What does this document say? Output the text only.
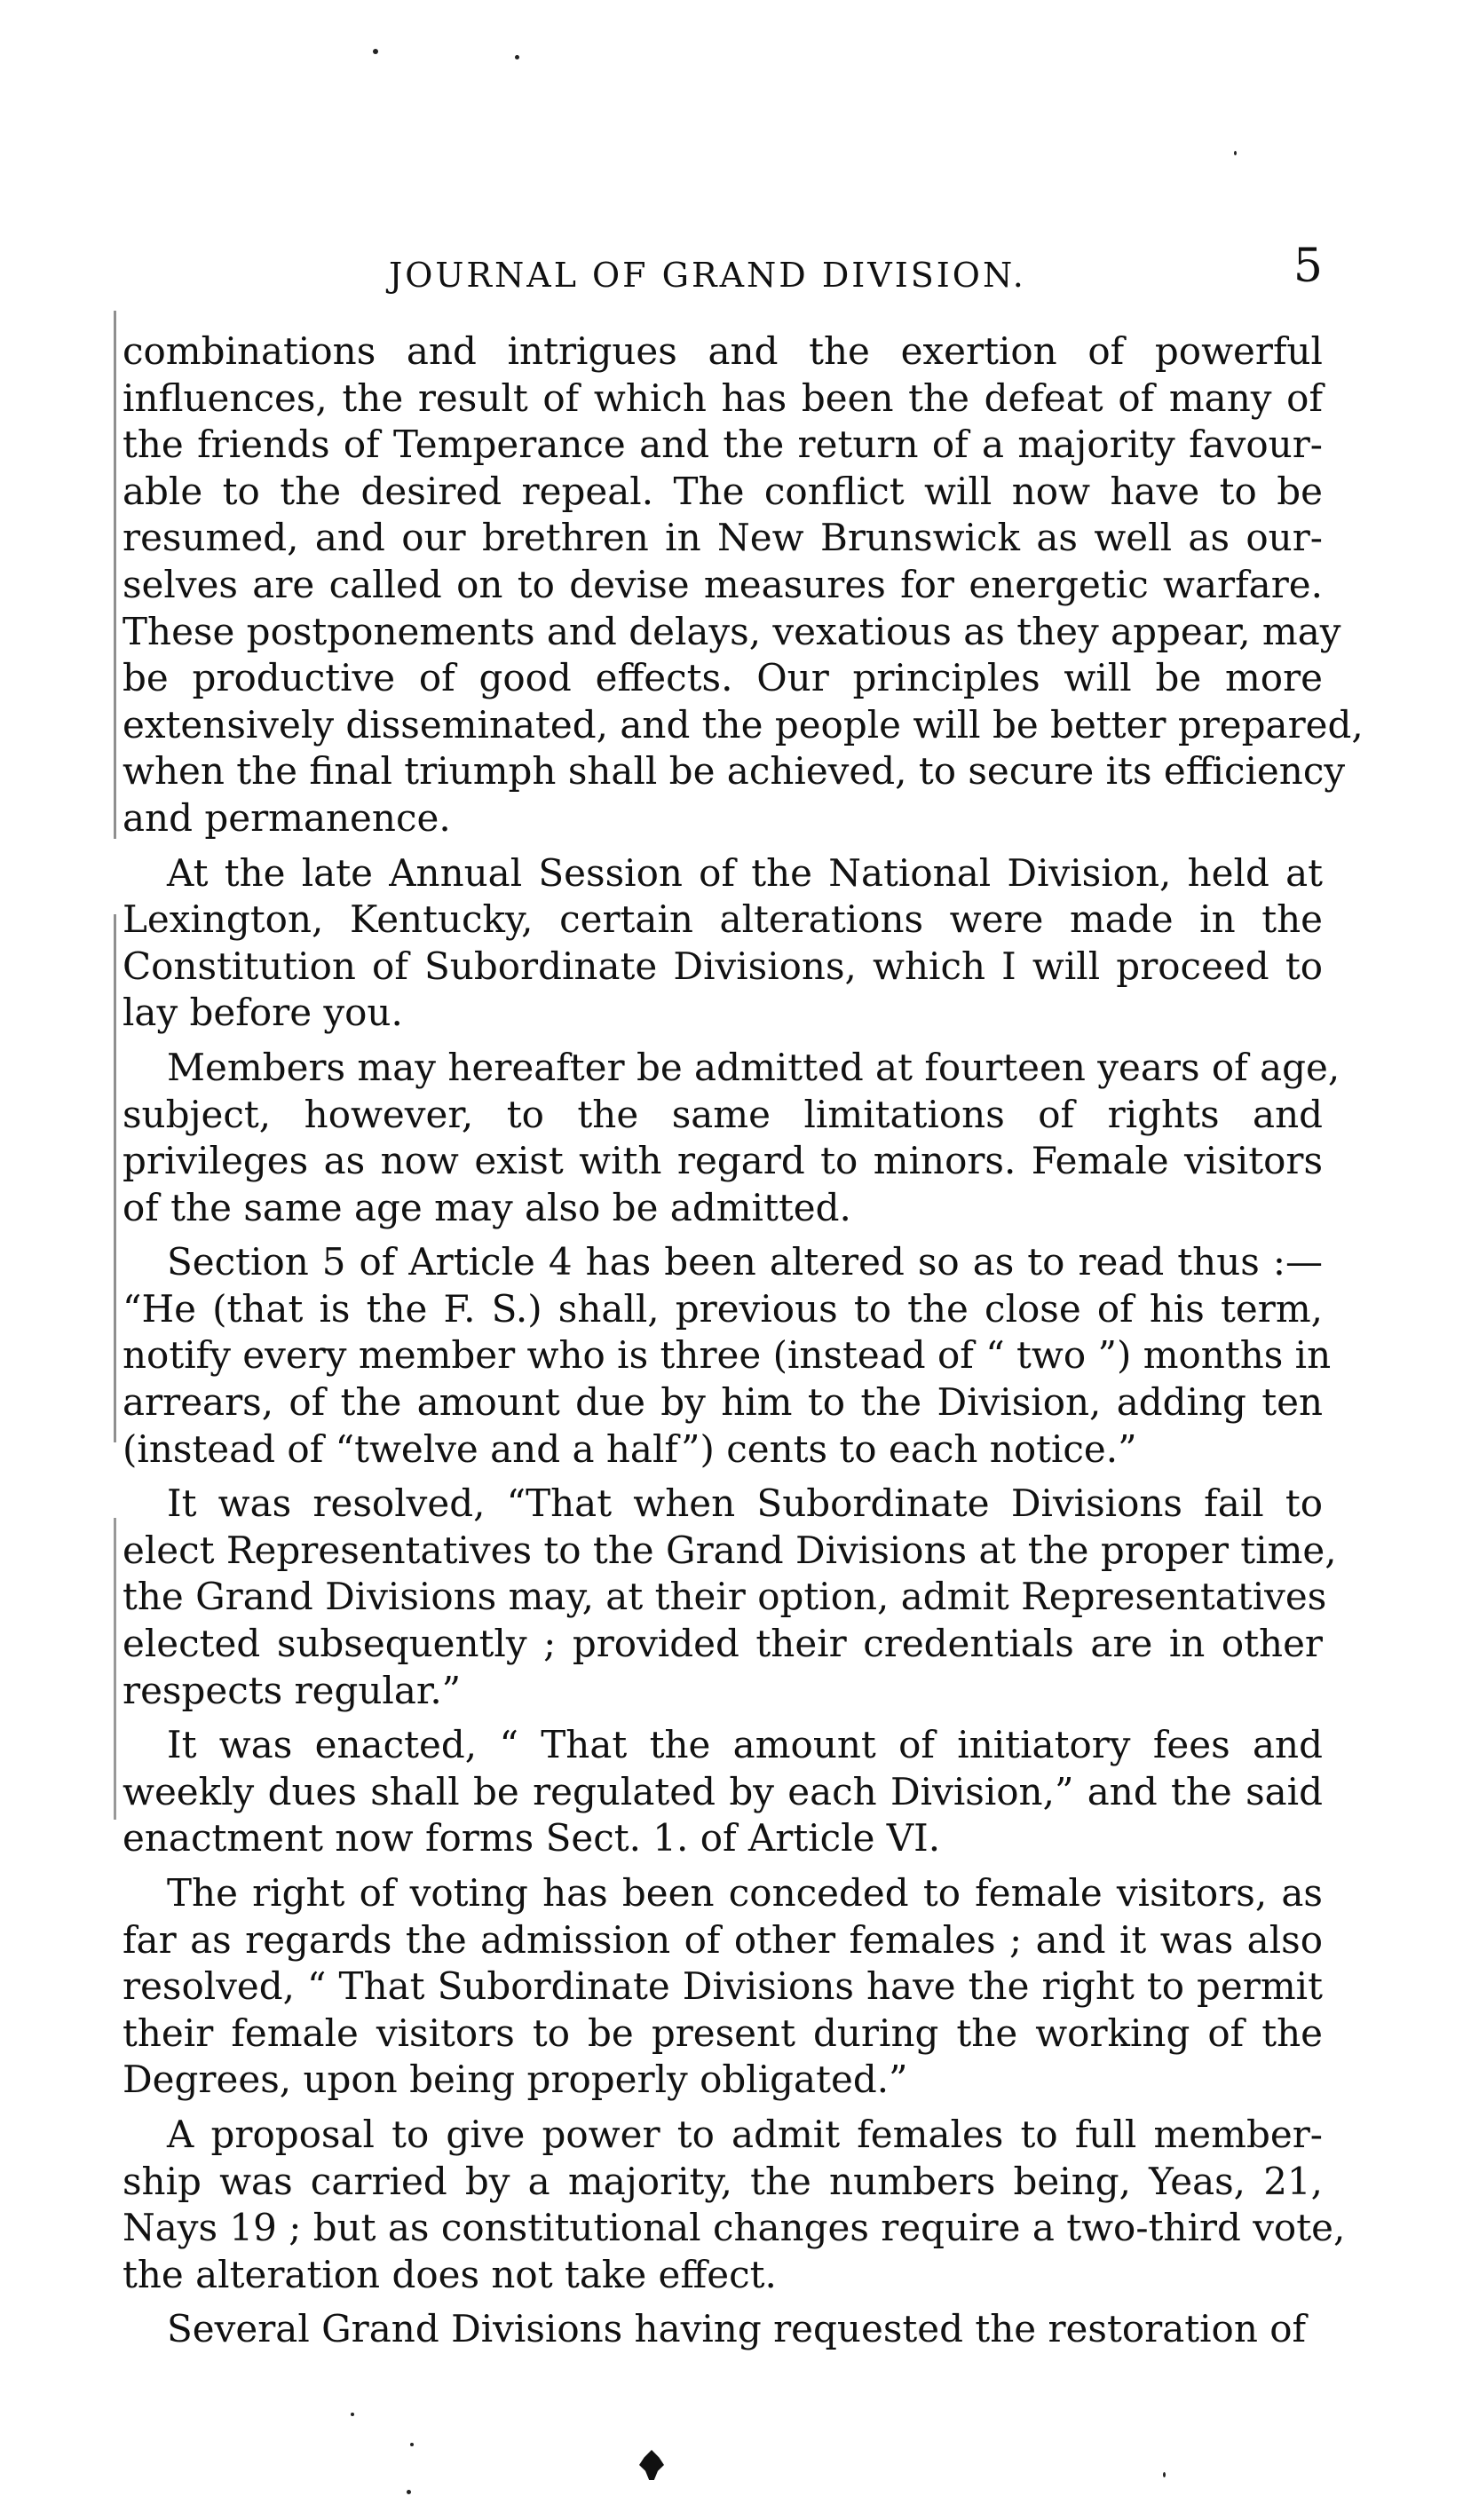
JOURNAL OF GRAND DIVISION.	5
combinations and intrigues and the exertion of powerful
influences, the result of which has been the defeat of many of
the friends of Temperance and the return of a majority favour-
able to the desired repeal. The conflict will now have to be
resumed, and our brethren in New Brunswick as well as our-
selves are called on to devise measures for energetic warfare.
These postponements and delays, vexatious as they appear, may
be productive of good effects. Our principles will be more
extensively disseminated, and the people will be better prepared,
when the final triumph shall be achieved, to secure its efficiency
and permanence.
At the late Annual Session of the National Division, held at
Lexington, Kentucky, certain alterations were made in the
Constitution of Subordinate Divisions, which I will proceed to
lay before you.
Members may hereafter be admitted at fourteen years of age,
subject, however, to the same limitations of rights and
privileges as now exist with regard to minors. Female visitors
of the same age may also be admitted.
Section 5 of Article 4 has been altered so as to read thus :—
“He (that is the F. S.) shall, previous to the close of his term,
notify every member who is three (instead of “ two ”) months in
arrears, of the amount due by him to the Division, adding ten
(instead of “twelve and a half”) cents to each notice.”
It was resolved, “That when Subordinate Divisions fail to
elect Representatives to the Grand Divisions at the proper time,
the Grand Divisions may, at their option, admit Representatives
elected subsequently ; provided their credentials are in other
respects regular.”
It was enacted, “ That the amount of initiatory fees and
weekly dues shall be regulated by each Division,” and the said
enactment now forms Sect. 1. of Article VI.
The right of voting has been conceded to female visitors, as
far as regards the admission of other females ; and it was also
resolved, “ That Subordinate Divisions have the right to permit
their female visitors to be present during the working of the
Degrees, upon being properly obligated.”
A proposal to give power to admit females to full member-
ship was carried by a majority, the numbers being, Yeas, 21,
Nays 19 ; but as constitutional changes require a two-third vote,
the alteration does not take effect.
Several Grand Divisions having requested the restoration of
